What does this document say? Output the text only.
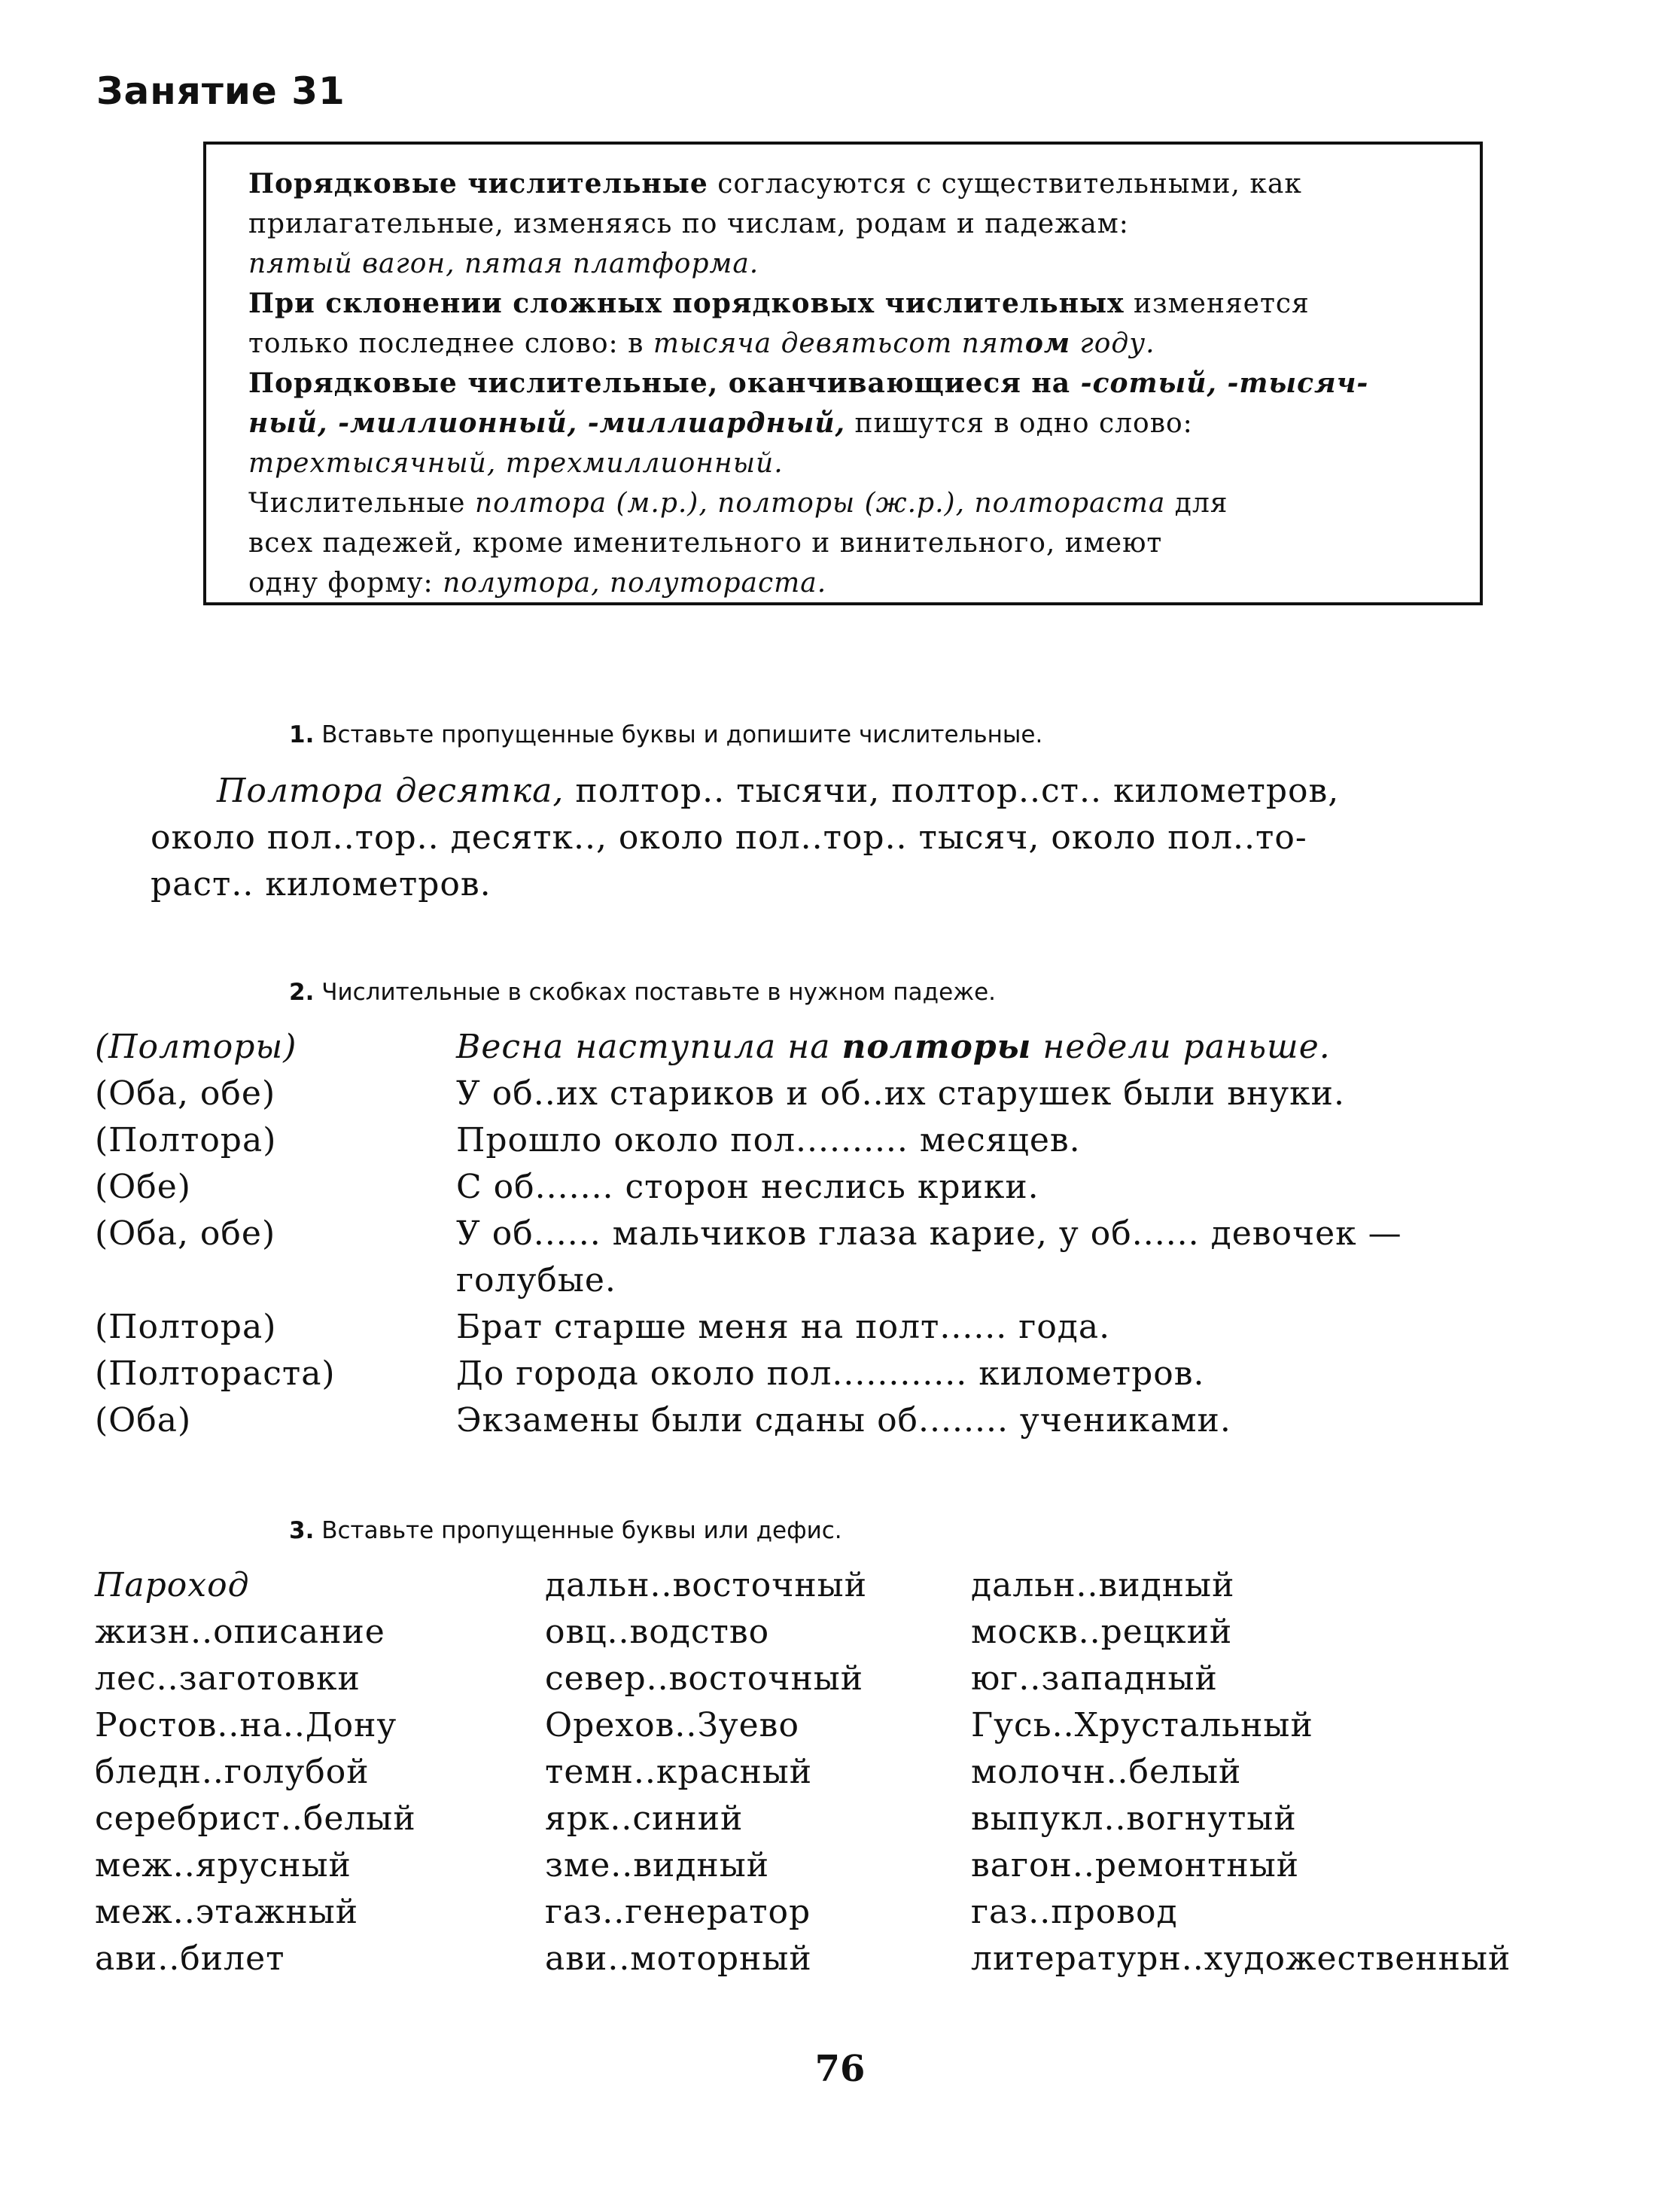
Занятие 31
Порядковые числительные согласуются с существительными, как
прилагательные, изменяясь по числам, родам и падежам:
пятый вагон, пятая платформа.
При склонении сложных порядковых числительных изменяется
только последнее слово: в тысяча девятьсот пятом году.
Порядковые числительные, оканчивающиеся на -сотый, -тысяч-
ный, -миллионный, -миллиардный, пишутся в одно слово:
трехтысячный, трехмиллионный.
Числительные полтора (м.р.), полторы (ж.р.), полтораста для
всех падежей, кроме именительного и винительного, имеют
одну форму: полутора, полутораста.
1. Вставьте пропущенные буквы и допишите числительные.
Полтора десятка, полтор.. тысячи, полтор..ст.. километров,
около пол..тор.. десятк.., около пол..тор.. тысяч, около пол..то-
раст.. километров.
2. Числительные в скобках поставьте в нужном падеже.
(Полторы)	Весна наступила на полторы недели раньше.
(Оба, обе)	У об..их стариков и об..их старушек были внуки.
(Полтора)	Прошло около пол.......... месяцев.
(Обе)	С об....... сторон неслись крики.
(Оба, обе)	У об...... мальчиков глаза карие, у об...... девочек —
голубые.
(Полтора)	Брат старше меня на полт...... года.
(Полтораста)	До города около пол............ километров.
(Оба)	Экзамены были сданы об........ учениками.
3. Вставьте пропущенные буквы или дефис.
Пароход	дальн..восточный	дальн..видный
жизн..описание	овц..водство	москв..рецкий
лес..заготовки	север..восточный	юг..западный
Ростов..на..Дону	Орехов..Зуево	Гусь..Хрустальный
бледн..голубой	темн..красный	молочн..белый
серебрист..белый	ярк..синий	выпукл..вогнутый
меж..ярусный	зме..видный	вагон..ремонтный
меж..этажный	газ..генератор	газ..провод
ави..билет	ави..моторный	литературн..художественный
76
